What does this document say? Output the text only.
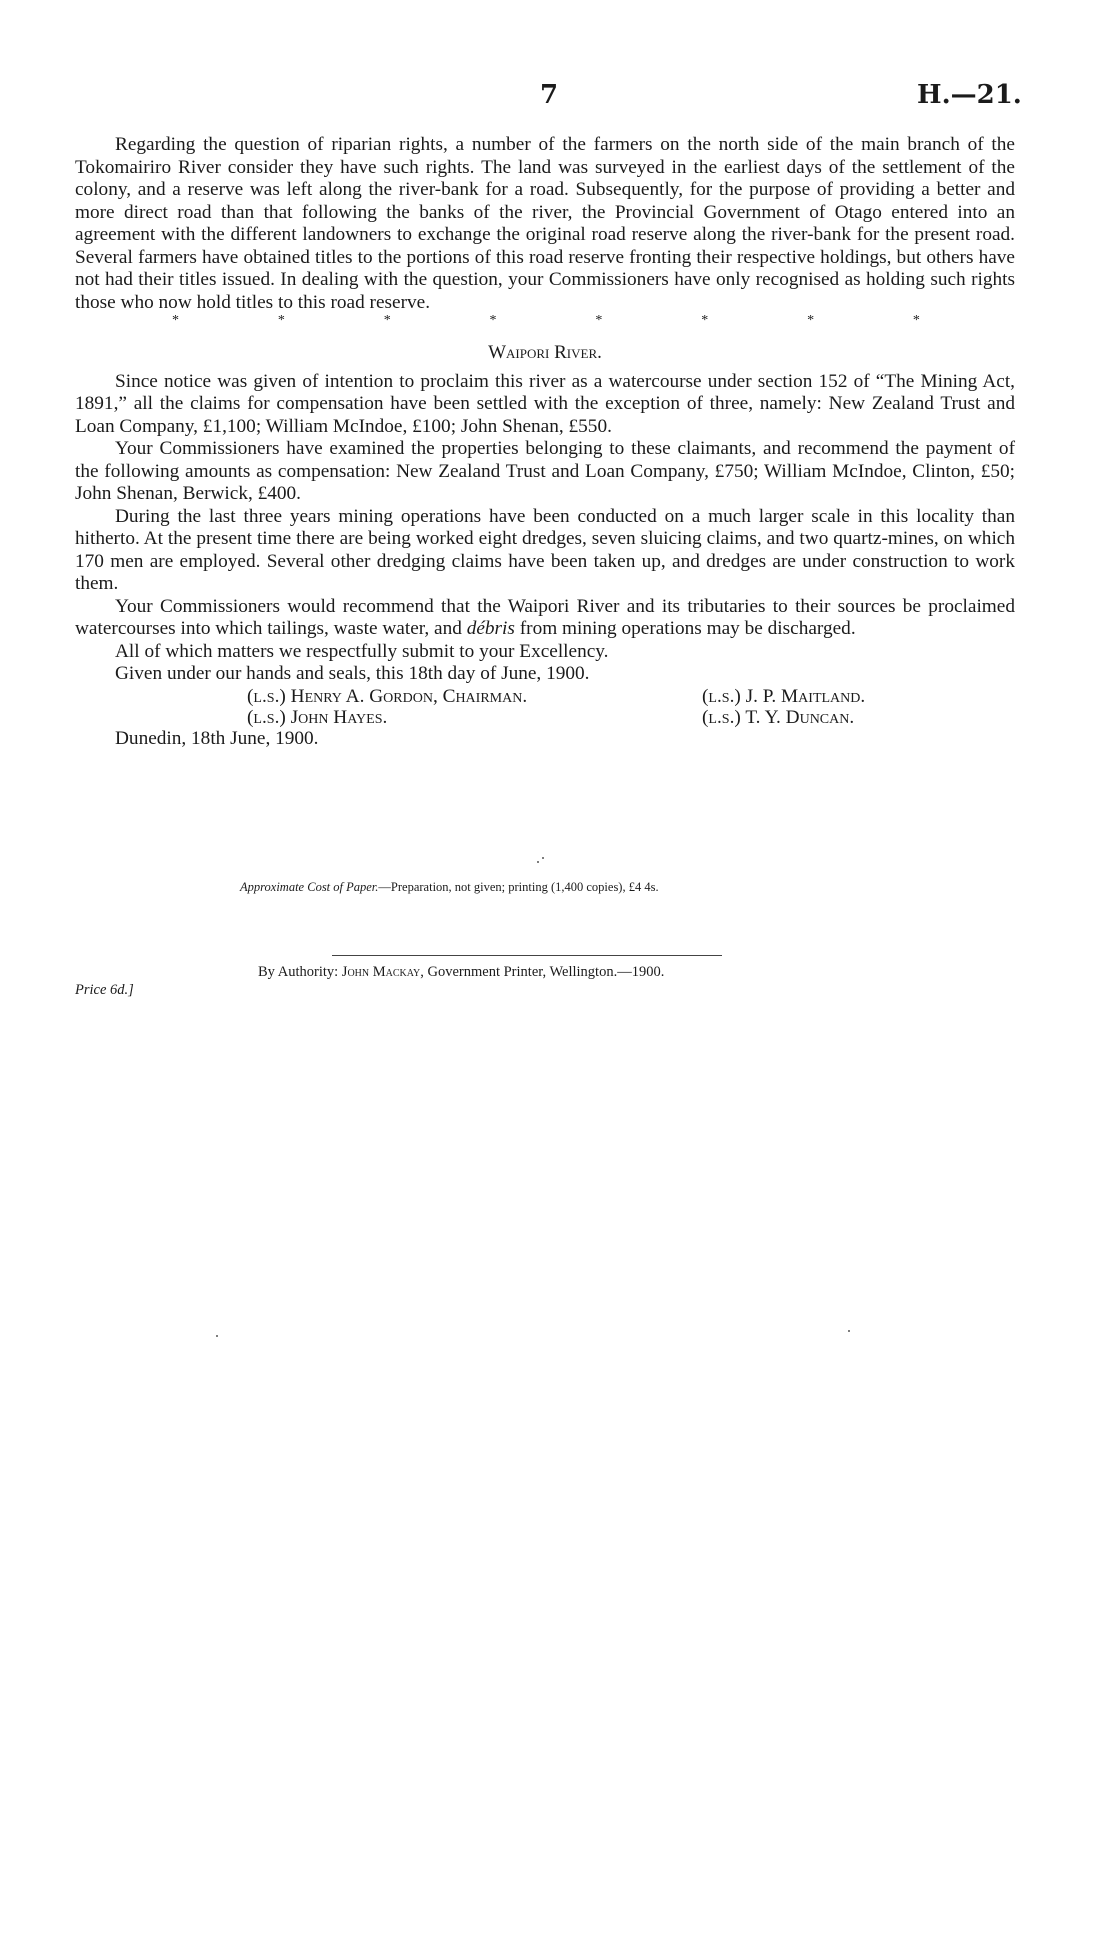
7	H.—21.

Regarding the question of riparian rights, a number of the farmers on the north side of the main branch of the Tokomairiro River consider they have such rights. The land was surveyed in the earliest days of the settlement of the colony, and a reserve was left along the river-bank for a road. Subsequently, for the purpose of providing a better and more direct road than that following the banks of the river, the Provincial Government of Otago entered into an agreement with the different landowners to exchange the original road reserve along the river-bank for the present road. Several farmers have obtained titles to the portions of this road reserve fronting their respective holdings, but others have not had their titles issued. In dealing with the question, your Commissioners have only recognised as holding such rights those who now hold titles to this road reserve.

*	*	*	*	*	*	*	*
Waipori River.

Since notice was given of intention to proclaim this river as a watercourse under section 152 of “The Mining Act, 1891,” all the claims for compensation have been settled with the exception of three, namely: New Zealand Trust and Loan Company, £1,100; William McIndoe, £100; John Shenan, £550.

Your Commissioners have examined the properties belonging to these claimants, and recommend the payment of the following amounts as compensation: New Zealand Trust and Loan Company, £750; William McIndoe, Clinton, £50; John Shenan, Berwick, £400.

During the last three years mining operations have been conducted on a much larger scale in this locality than hitherto. At the present time there are being worked eight dredges, seven sluicing claims, and two quartz-mines, on which 170 men are employed. Several other dredging claims have been taken up, and dredges are under construction to work them.

Your Commissioners would recommend that the Waipori River and its tributaries to their sources be proclaimed watercourses into which tailings, waste water, and débris from mining operations may be discharged.

All of which matters we respectfully submit to your Excellency.

Given under our hands and seals, this 18th day of June, 1900.

(l.s.) Henry A. Gordon, Chairman.	(l.s.) J. P. Maitland.
(l.s.) John Hayes.	(l.s.) T. Y. Duncan.

Dunedin, 18th June, 1900.

Approximate Cost of Paper.—Preparation, not given; printing (1,400 copies), £4 4s.
By Authority: John Mackay, Government Printer, Wellington.—1900.
Price 6d.]
